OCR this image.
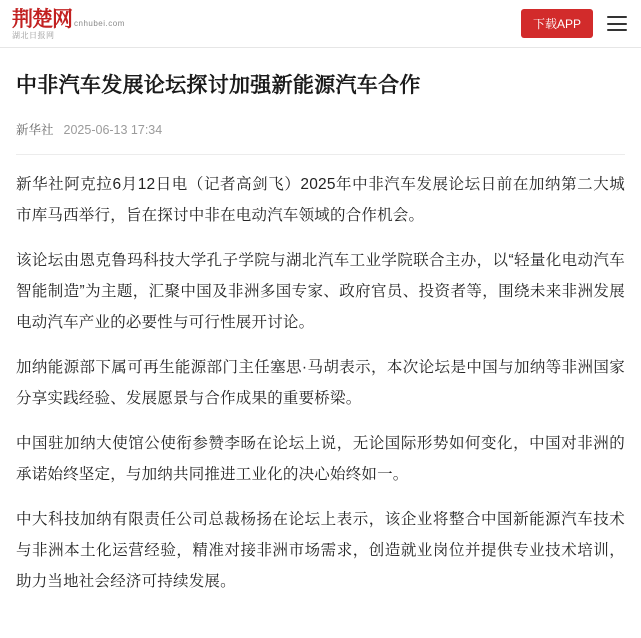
荆楚网 cnhubei.com
湖北日报网
下载APP
中非汽车发展论坛探讨加强新能源汽车合作
新华社 2025-06-13 17:34

新华社阿克拉6月12日电（记者高剑飞）2025年中非汽车发展论坛日前在加纳第二大城市库马西举行，旨在探讨中非在电动汽车领域的合作机会。

该论坛由恩克鲁玛科技大学孔子学院与湖北汽车工业学院联合主办，以“轻量化电动汽车智能制造”为主题，汇聚中国及非洲多国专家、政府官员、投资者等，围绕未来非洲发展电动汽车产业的必要性与可行性展开讨论。

加纳能源部下属可再生能源部门主任塞思·马胡表示，本次论坛是中国与加纳等非洲国家分享实践经验、发展愿景与合作成果的重要桥梁。

中国驻加纳大使馆公使衔参赞李旸在论坛上说，无论国际形势如何变化，中国对非洲的承诺始终坚定，与加纳共同推进工业化的决心始终如一。

中大科技加纳有限责任公司总裁杨扬在论坛上表示，该企业将整合中国新能源汽车技术与非洲本土化运营经验，精准对接非洲市场需求，创造就业岗位并提供专业技术培训，助力当地社会经济可持续发展。
